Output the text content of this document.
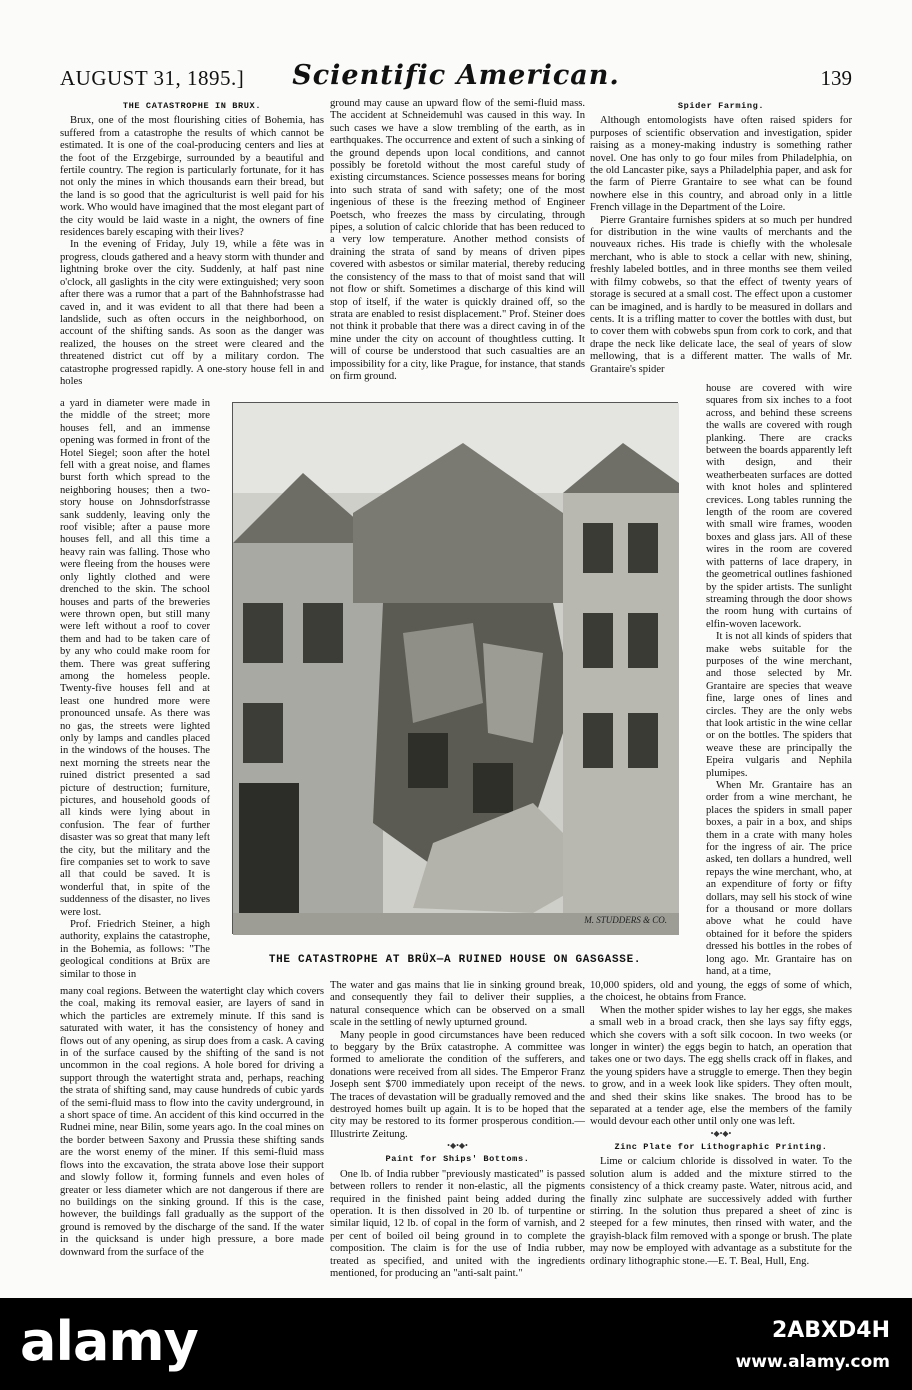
AUGUST 31, 1895.]	Scientific American.	139
THE CATASTROPHE IN BRUX.

Brux, one of the most flourishing cities of Bohemia, has suffered from a catastrophe the results of which cannot be estimated. It is one of the coal-producing centers and lies at the foot of the Erzgebirge, surrounded by a beautiful and fertile country. The region is particularly fortunate, for it has not only the mines in which thousands earn their bread, but the land is so good that the agriculturist is well paid for his work. Who would have imagined that the most elegant part of the city would be laid waste in a night, the owners of fine residences barely escaping with their lives?

In the evening of Friday, July 19, while a fête was in progress, clouds gathered and a heavy storm with thunder and lightning broke over the city. Suddenly, at half past nine o'clock, all gaslights in the city were extinguished; very soon after there was a rumor that a part of the Bahnhofstrasse had caved in, and it was evident to all that there had been a landslide, such as often occurs in the neighborhood, on account of the shifting sands. As soon as the danger was realized, the houses on the street were cleared and the threatened district cut off by a military cordon. The catastrophe progressed rapidly. A one-story house fell in and holes

a yard in diameter were made in the middle of the street; more houses fell, and an immense opening was formed in front of the Hotel Siegel; soon after the hotel fell with a great noise, and flames burst forth which spread to the neighboring houses; then a two-story house on Johnsdorfstrasse sank suddenly, leaving only the roof visible; after a pause more houses fell, and all this time a heavy rain was falling. Those who were fleeing from the houses were only lightly clothed and were drenched to the skin. The school houses and parts of the breweries were thrown open, but still many were left without a roof to cover them and had to be taken care of by any who could make room for them. There was great suffering among the homeless people. Twenty-five houses fell and at least one hundred more were pronounced unsafe. As there was no gas, the streets were lighted only by lamps and candles placed in the windows of the houses. The next morning the streets near the ruined district presented a sad picture of destruction; furniture, pictures, and household goods of all kinds were lying about in confusion. The fear of further disaster was so great that many left the city, but the military and the fire companies set to work to save all that could be saved. It is wonderful that, in spite of the suddenness of the disaster, no lives were lost.

Prof. Friedrich Steiner, a high authority, explains the catastrophe, in the Bohemia, as follows: "The geological conditions at Brüx are similar to those in

ground may cause an upward flow of the semi-fluid mass. The accident at Schneidemuhl was caused in this way. In such cases we have a slow trembling of the earth, as in earthquakes. The occurrence and extent of such a sinking of the ground depends upon local conditions, and cannot possibly be foretold without the most careful study of existing circumstances. Science possesses means for boring into such strata of sand with safety; one of the most ingenious of these is the freezing method of Engineer Poetsch, who freezes the mass by circulating, through pipes, a solution of calcic chloride that has been reduced to a very low temperature. Another method consists of draining the strata of sand by means of driven pipes covered with asbestos or similar material, thereby reducing the consistency of the mass to that of moist sand that will not flow or shift. Sometimes a discharge of this kind will stop of itself, if the water is quickly drained off, so the strata are enabled to resist displacement." Prof. Steiner does not think it probable that there was a direct caving in of the mine under the city on account of thoughtless cutting. It will of course be understood that such casualties are an impossibility for a city, like Prague, for instance, that stands on firm ground.

Spider Farming.

Although entomologists have often raised spiders for purposes of scientific observation and investigation, spider raising as a money-making industry is something rather novel. One has only to go four miles from Philadelphia, on the old Lancaster pike, says a Philadelphia paper, and ask for the farm of Pierre Grantaire to see what can be found nowhere else in this country, and abroad only in a little French village in the Department of the Loire.

Pierre Grantaire furnishes spiders at so much per hundred for distribution in the wine vaults of merchants and the nouveaux riches. His trade is chiefly with the wholesale merchant, who is able to stock a cellar with new, shining, freshly labeled bottles, and in three months see them veiled with filmy cobwebs, so that the effect of twenty years of storage is secured at a small cost. The effect upon a customer can be imagined, and is hardly to be measured in dollars and cents. It is a trifling matter to cover the bottles with dust, but to cover them with cobwebs spun from cork to cork, and that drape the neck like delicate lace, the seal of years of slow mellowing, that is a different matter. The walls of Mr. Grantaire's spider

house are covered with wire squares from six inches to a foot across, and behind these screens the walls are covered with rough planking. There are cracks between the boards apparently left with design, and their weatherbeaten surfaces are dotted with knot holes and splintered crevices. Long tables running the length of the room are covered with small wire frames, wooden boxes and glass jars. All of these wires in the room are covered with patterns of lace drapery, in the geometrical outlines fashioned by the spider artists. The sunlight streaming through the door shows the room hung with curtains of elfin-woven lacework.

It is not all kinds of spiders that make webs suitable for the purposes of the wine merchant, and those selected by Mr. Grantaire are species that weave fine, large ones of lines and circles. They are the only webs that look artistic in the wine cellar or on the bottles. The spiders that weave these are principally the Epeira vulgaris and Nephila plumipes.

When Mr. Grantaire has an order from a wine merchant, he places the spiders in small paper boxes, a pair in a box, and ships them in a crate with many holes for the ingress of air. The price asked, ten dollars a hundred, well repays the wine merchant, who, at an expenditure of forty or fifty dollars, may sell his stock of wine for a thousand or more dollars above what he could have obtained for it before the spiders dressed his bottles in the robes of long ago. Mr. Grantaire has on hand, at a time,

M. STUDDERS & CO.
THE CATASTROPHE AT BRÜX—A RUINED HOUSE ON GASGASSE.

many coal regions. Between the watertight clay which covers the coal, making its removal easier, are layers of sand in which the particles are extremely minute. If this sand is saturated with water, it has the consistency of honey and flows out of any opening, as sirup does from a cask. A caving in of the surface caused by the shifting of the sand is not uncommon in the coal regions. A hole bored for driving a support through the watertight strata and, perhaps, reaching the strata of shifting sand, may cause hundreds of cubic yards of the semi-fluid mass to flow into the cavity underground, in a short space of time. An accident of this kind occurred in the Rudnei mine, near Bilin, some years ago. In the coal mines on the border between Saxony and Prussia these shifting sands are the worst enemy of the miner. If this semi-fluid mass flows into the excavation, the strata above lose their support and slowly follow it, forming funnels and even holes of greater or less diameter which are not dangerous if there are no buildings on the sinking ground. If this is the case, however, the buildings fall gradually as the support of the ground is removed by the discharge of the sand. If the water in the quicksand is under high pressure, a bore made downward from the surface of the

The water and gas mains that lie in sinking ground break, and consequently they fail to deliver their supplies, a natural consequence which can be observed on a small scale in the settling of newly upturned ground.

Many people in good circumstances have been reduced to beggary by the Brüx catastrophe. A committee was formed to ameliorate the condition of the sufferers, and donations were received from all sides. The Emperor Franz Joseph sent $700 immediately upon receipt of the news. The traces of devastation will be gradually removed and the destroyed homes built up again. It is to be hoped that the city may be restored to its former prosperous condition.—Illustrirte Zeitung.

•◆•◆•
Paint for Ships' Bottoms.

One lb. of India rubber "previously masticated" is passed between rollers to render it non-elastic, all the pigments required in the finished paint being added during the operation. It is then dissolved in 20 lb. of turpentine or similar liquid, 12 lb. of copal in the form of varnish, and 2 per cent of boiled oil being ground in to complete the composition. The claim is for the use of India rubber, treated as specified, and united with the ingredients mentioned, for producing an "anti-salt paint."

10,000 spiders, old and young, the eggs of some of which, the choicest, he obtains from France.

When the mother spider wishes to lay her eggs, she makes a small web in a broad crack, then she lays say fifty eggs, which she covers with a soft silk cocoon. In two weeks (or longer in winter) the eggs begin to hatch, an operation that takes one or two days. The egg shells crack off in flakes, and the young spiders have a struggle to emerge. Then they begin to grow, and in a week look like spiders. They often moult, and shed their skins like snakes. The brood has to be separated at a tender age, else the members of the family would devour each other until only one was left.

•◆•◆•
Zinc Plate for Lithographic Printing.

Lime or calcium chloride is dissolved in water. To the solution alum is added and the mixture stirred to the consistency of a thick creamy paste. Water, nitrous acid, and finally zinc sulphate are successively added with further stirring. In the solution thus prepared a sheet of zinc is steeped for a few minutes, then rinsed with water, and the grayish-black film removed with a sponge or brush. The plate may now be employed with advantage as a substitute for the ordinary lithographic stone.—E. T. Beal, Hull, Eng.

alamy	2ABXD4H
www.alamy.com
